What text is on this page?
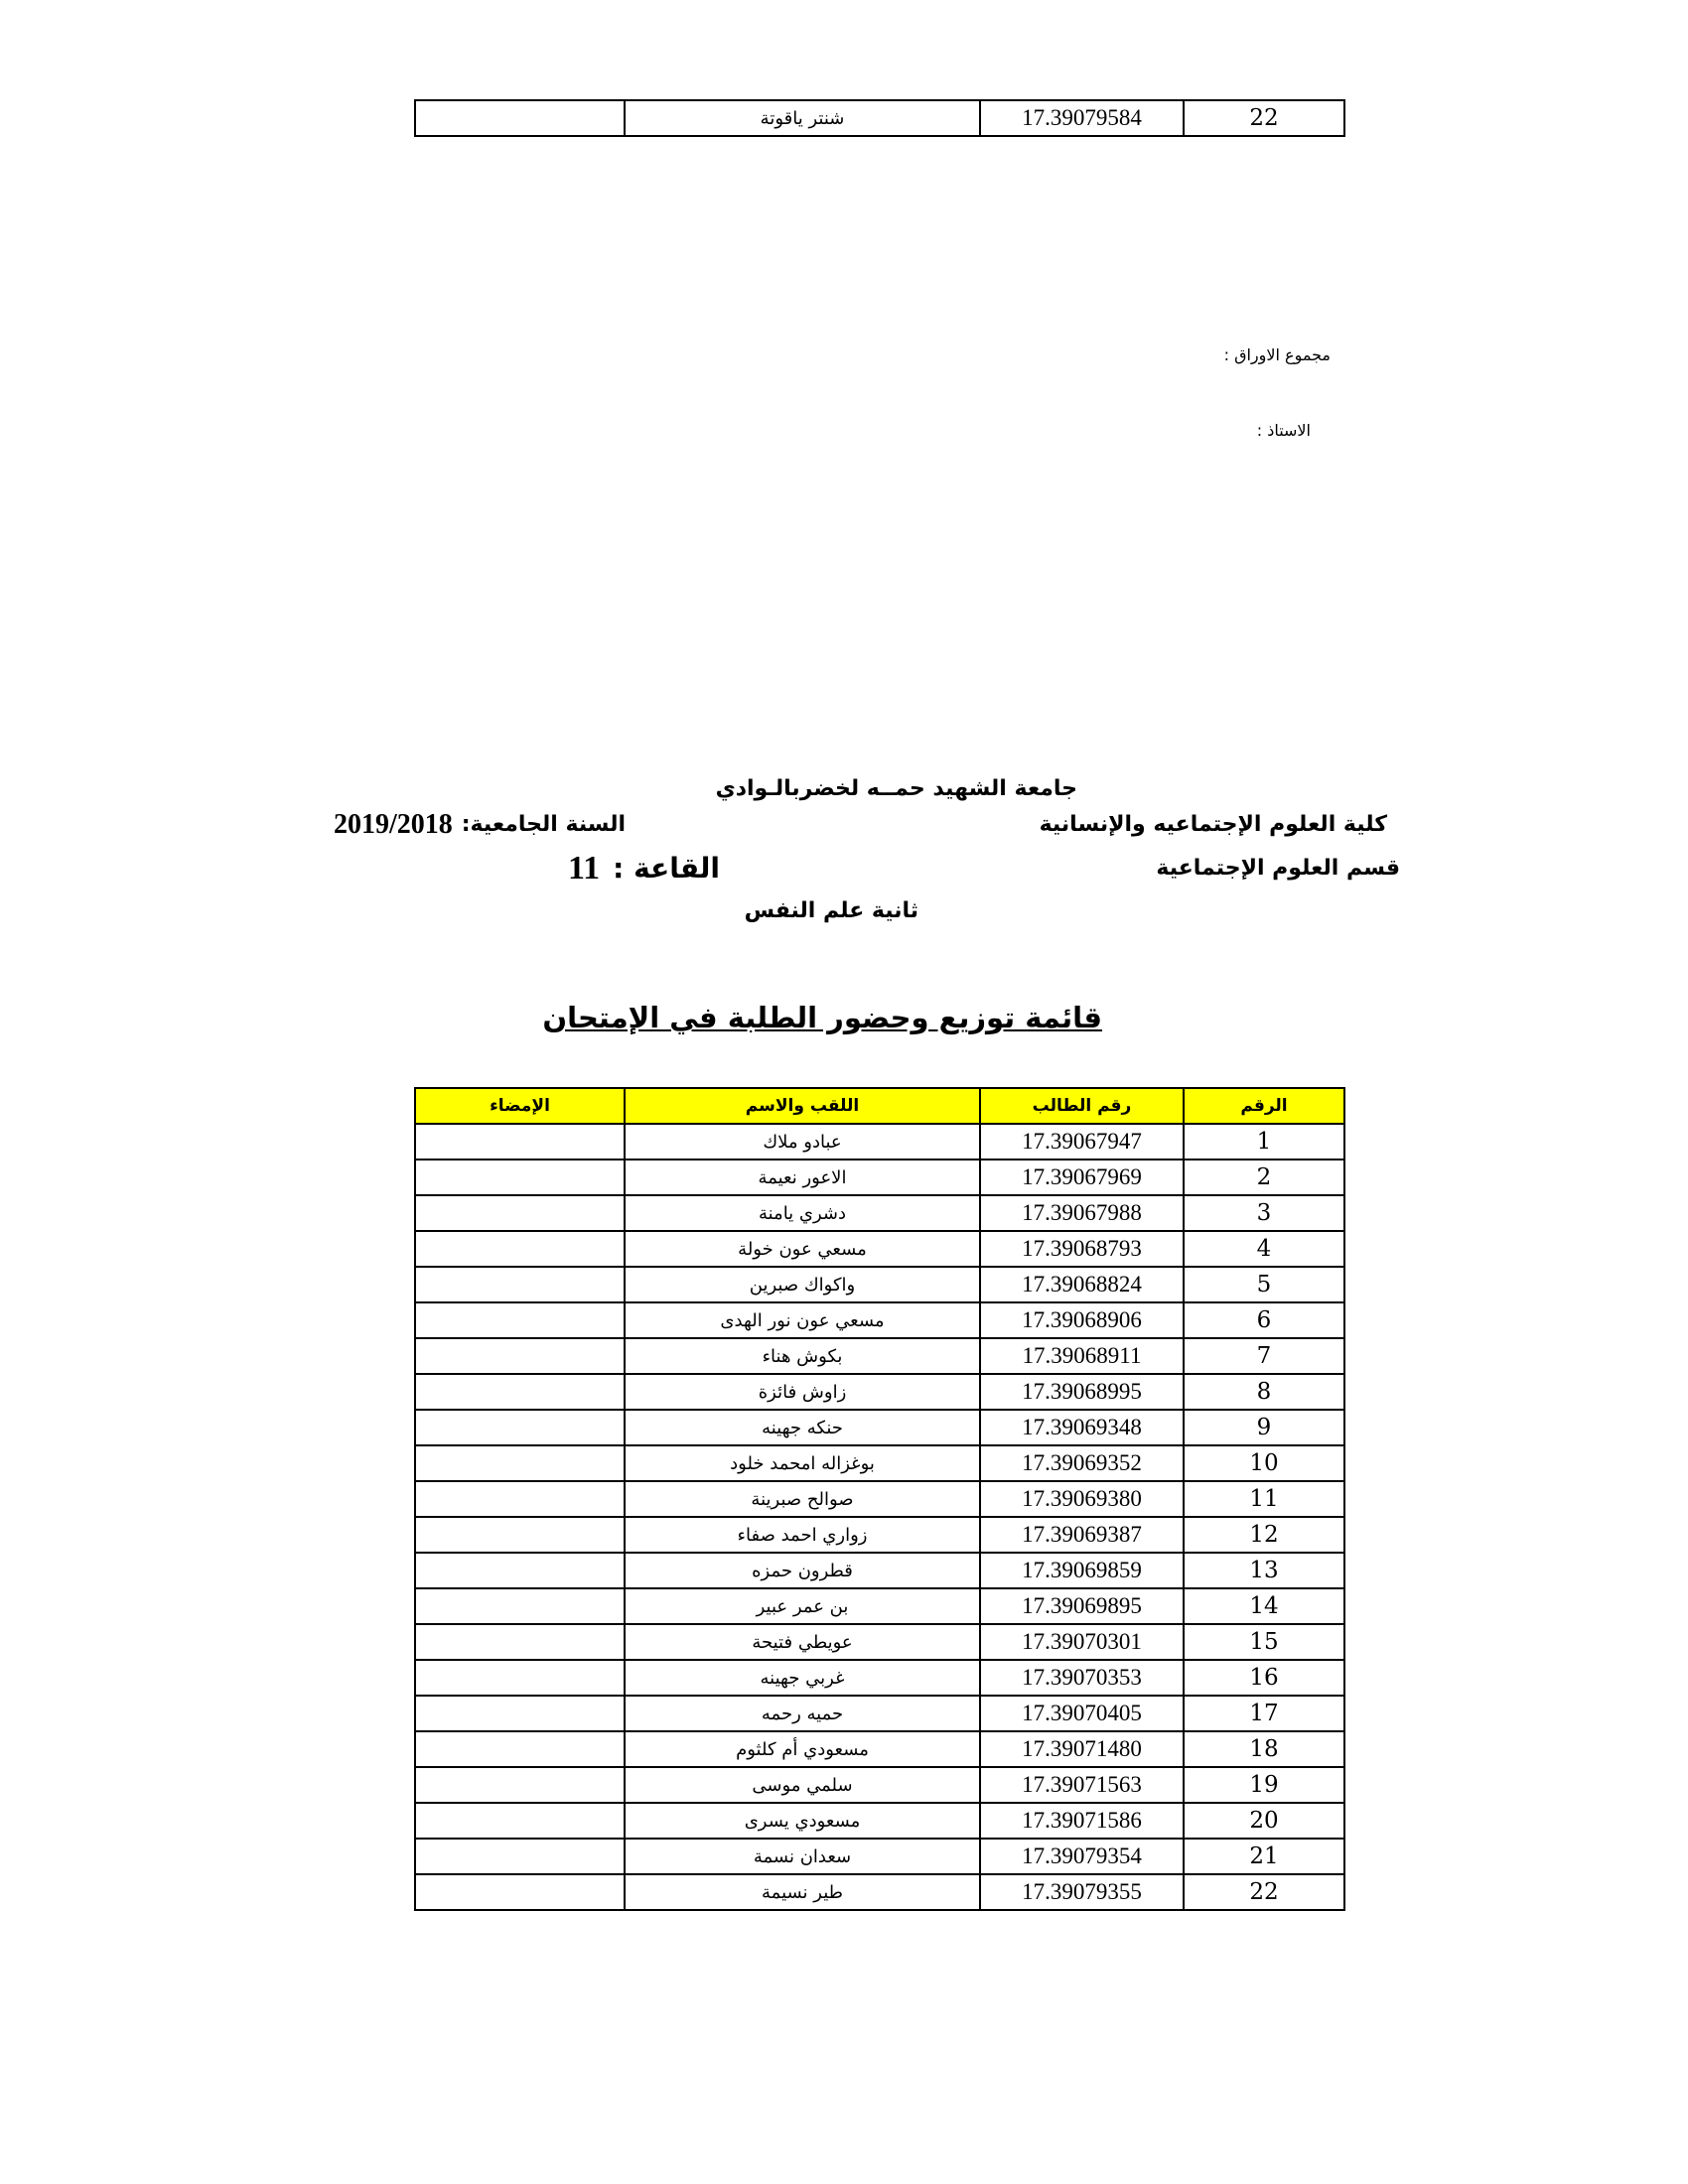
22	17.39079584	شنتر ياقوتة	
مجموع الاوراق :
الاستاذ :
جامعة الشهيد حمــه لخضربالـوادي
كلية العلوم الإجتماعيه والإنسانية
السنة الجامعية:
2019/2018
قسم العلوم الإجتماعية
القاعة :
11
ثانية علم النفس
قائمة توزيع وحضور الطلبة في الإمتحان
الرقم	رقم الطالب	اللقب والاسم	الإمضاء
1	17.39067947	عبادو ملاك	
2	17.39067969	الاعور نعيمة	
3	17.39067988	دشري يامنة	
4	17.39068793	مسعي عون خولة	
5	17.39068824	واكواك صبرين	
6	17.39068906	مسعي عون نور الهدى	
7	17.39068911	بكوش هناء	
8	17.39068995	زاوش فائزة	
9	17.39069348	حنكه جهينه	
10	17.39069352	بوغزاله امحمد خلود	
11	17.39069380	صوالح صبرينة	
12	17.39069387	زواري احمد صفاء	
13	17.39069859	قطرون حمزه	
14	17.39069895	بن عمر عبير	
15	17.39070301	عويطي فتيحة	
16	17.39070353	غربي جهينه	
17	17.39070405	حميه رحمه	
18	17.39071480	مسعودي أم كلثوم	
19	17.39071563	سلمي موسى	
20	17.39071586	مسعودي يسرى	
21	17.39079354	سعدان نسمة	
22	17.39079355	طير نسيمة	
